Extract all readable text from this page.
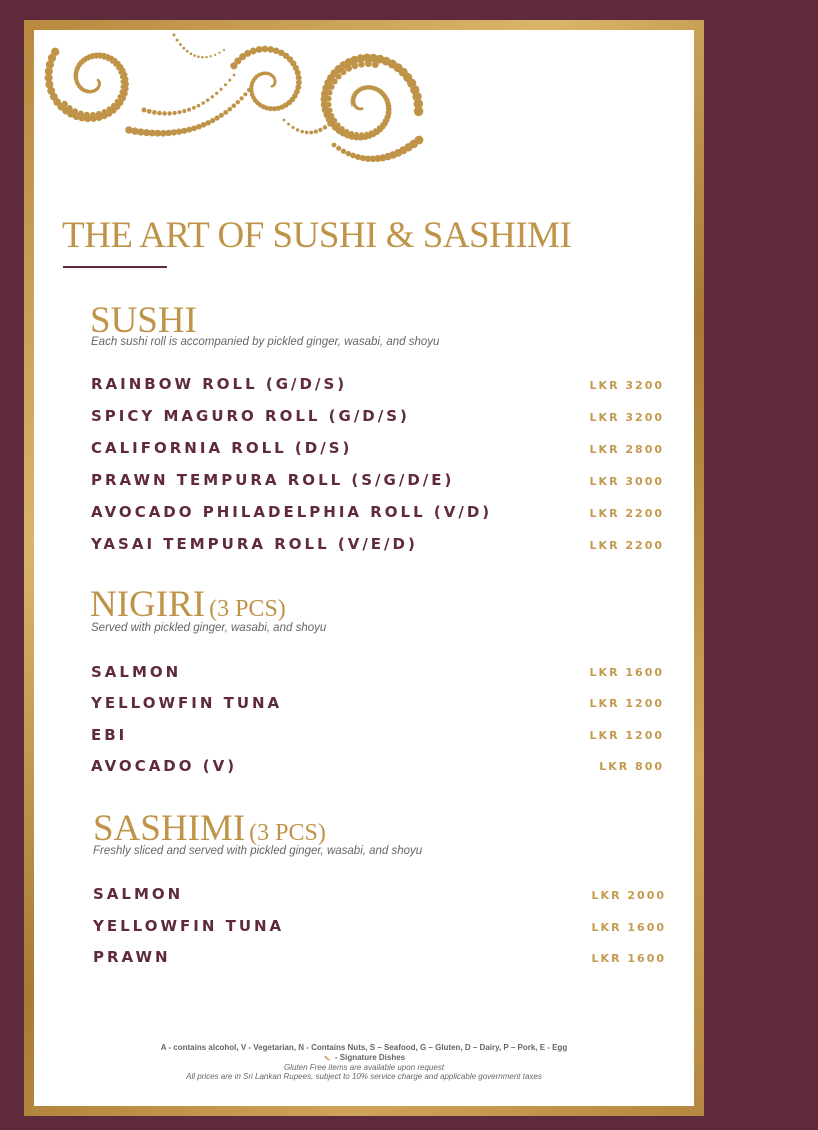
THE ART OF SUSHI & SASHIMI
SUSHI
Each sushi roll is accompanied by pickled ginger, wasabi, and shoyu
RAINBOW ROLL (G/D/S)	LKR 3200
SPICY MAGURO ROLL (G/D/S)	LKR 3200
CALIFORNIA ROLL (D/S)	LKR 2800
PRAWN TEMPURA ROLL (S/G/D/E)	LKR 3000
AVOCADO PHILADELPHIA ROLL (V/D)	LKR 2200
YASAI TEMPURA ROLL (V/E/D)	LKR 2200
NIGIRI (3 PCS)
Served with pickled ginger, wasabi, and shoyu
SALMON	LKR 1600
YELLOWFIN TUNA	LKR 1200
EBI	LKR 1200
AVOCADO (V)	LKR 800
SASHIMI (3 PCS)
Freshly sliced and served with pickled ginger, wasabi, and shoyu
SALMON	LKR 2000
YELLOWFIN TUNA	LKR 1600
PRAWN	LKR 1600
A - contains alcohol, V - Vegetarian, N - Contains Nuts, S – Seafood, G – Gluten, D – Dairy, P – Pork, E - Egg
- Signature Dishes
Gluten Free items are available upon request
All prices are in Sri Lankan Rupees, subject to 10% service charge and applicable government taxes
